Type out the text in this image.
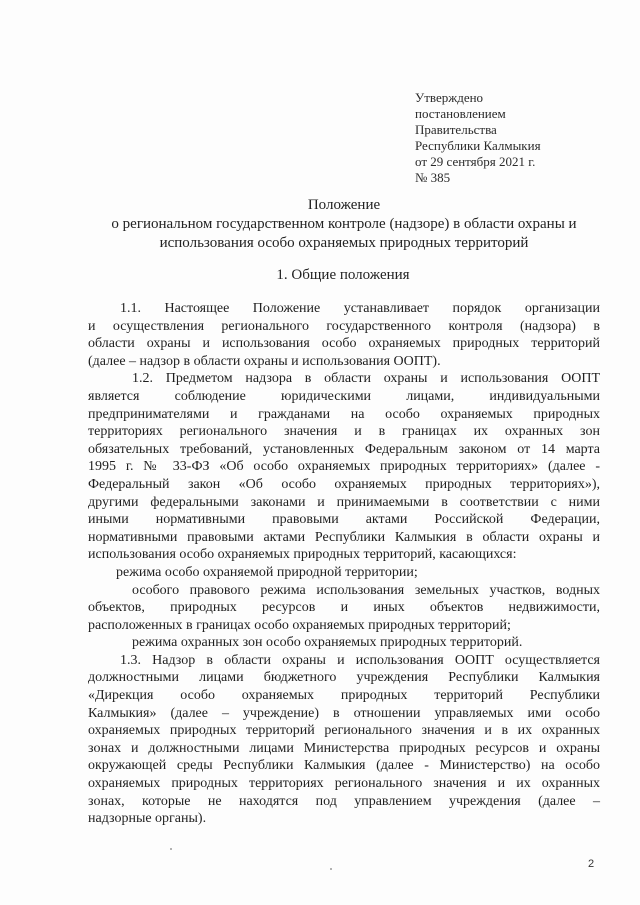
Утверждено
постановлением
Правительства
Республики Калмыкия
от 29 сентября 2021 г.
№ 385
Положение
о региональном государственном контроле (надзоре) в области охраны и
использования особо охраняемых природных территорий
1. Общие положения
1.1. Настоящее Положение устанавливает порядок организации
и осуществления регионального государственного контроля (надзора) в
области охраны и использования особо охраняемых природных территорий
(далее – надзор в области охраны и использования ООПТ).
1.2. Предметом надзора в области охраны и использования ООПТ
является соблюдение юридическими лицами, индивидуальными
предпринимателями и гражданами на особо охраняемых природных
территориях регионального значения и в границах их охранных зон
обязательных требований, установленных Федеральным законом от 14 марта
1995 г. № 33-ФЗ «Об особо охраняемых природных территориях» (далее -
Федеральный закон «Об особо охраняемых природных территориях»),
другими федеральными законами и принимаемыми в соответствии с ними
иными нормативными правовыми актами Российской Федерации,
нормативными правовыми актами Республики Калмыкия в области охраны и
использования особо охраняемых природных территорий, касающихся:
режима особо охраняемой природной территории;
особого правового режима использования земельных участков, водных
объектов, природных ресурсов и иных объектов недвижимости,
расположенных в границах особо охраняемых природных территорий;
режима охранных зон особо охраняемых природных территорий.
1.3. Надзор в области охраны и использования ООПТ осуществляется
должностными лицами бюджетного учреждения Республики Калмыкия
«Дирекция особо охраняемых природных территорий Республики
Калмыкия» (далее – учреждение) в отношении управляемых ими особо
охраняемых природных территорий регионального значения и в их охранных
зонах и должностными лицами Министерства природных ресурсов и охраны
окружающей среды Республики Калмыкия (далее - Министерство) на особо
охраняемых природных территориях регионального значения и их охранных
зонах, которые не находятся под управлением учреждения (далее –
надзорные органы).
2
